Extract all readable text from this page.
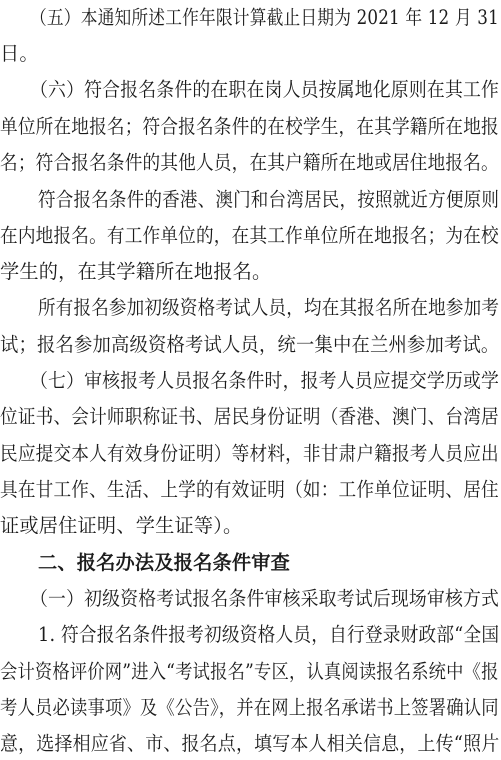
（五）本通知所述工作年限计算截止日期为 2021 年 12 月 31
日。
（六）符合报名条件的在职在岗人员按属地化原则在其工作
单位所在地报名；符合报名条件的在校学生，在其学籍所在地报
名；符合报名条件的其他人员，在其户籍所在地或居住地报名。
符合报名条件的香港、澳门和台湾居民，按照就近方便原则
在内地报名。有工作单位的，在其工作单位所在地报名；为在校
学生的，在其学籍所在地报名。
所有报名参加初级资格考试人员，均在其报名所在地参加考
试；报名参加高级资格考试人员，统一集中在兰州参加考试。
（七）审核报考人员报名条件时，报考人员应提交学历或学
位证书、会计师职称证书、居民身份证明（香港、澳门、台湾居
民应提交本人有效身份证明）等材料，非甘肃户籍报考人员应出
具在甘工作、生活、上学的有效证明（如：工作单位证明、居住
证或居住证明、学生证等）。
二、报名办法及报名条件审查
（一）初级资格考试报名条件审核采取考试后现场审核方式
1. 符合报名条件报考初级资格人员，自行登录财政部“全国
会计资格评价网”进入“考试报名”专区，认真阅读报名系统中《报
考人员必读事项》及《公告》，并在网上报名承诺书上签署确认同
意，选择相应省、市、报名点，填写本人相关信息，上传“照片
